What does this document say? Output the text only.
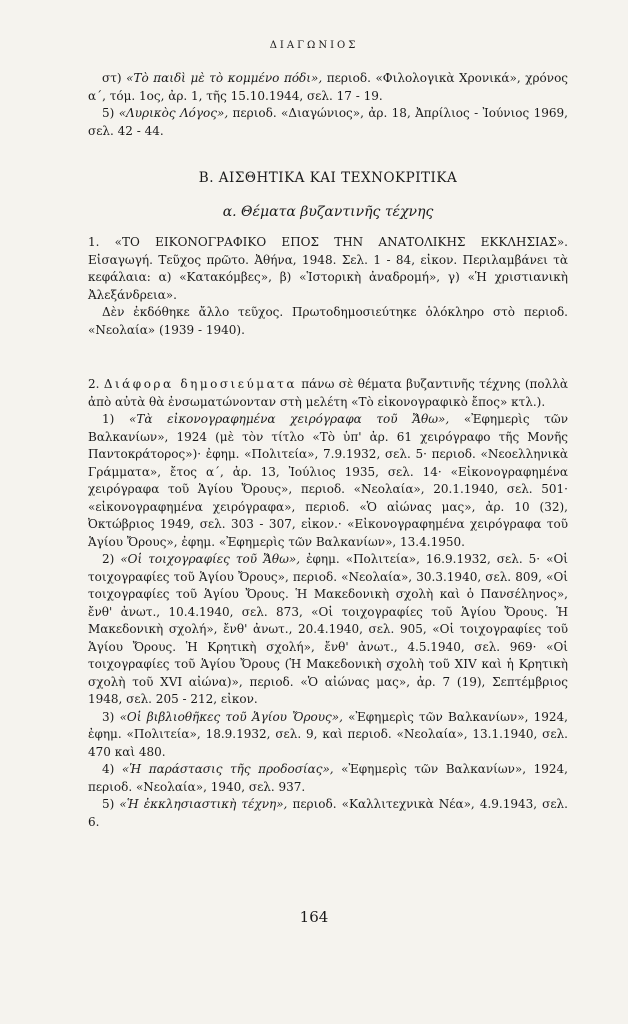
ΔΙΑΓΩΝΙΟΣ

στ) «Τὸ παιδὶ μὲ τὸ κομμένο πόδι», περιοδ. «Φιλολογικὰ Χρονικά», χρόνος α΄, τόμ. 1ος, ἀρ. 1, τῆς 15.10.1944, σελ. 17 - 19.

5) «Λυρικὸς Λόγος», περιοδ. «Διαγώνιος», ἀρ. 18, Ἀπρίλιος - Ἰούνιος 1969, σελ. 42 - 44.

Β. ΑΙΣΘΗΤΙΚΑ ΚΑΙ ΤΕΧΝΟΚΡΙΤΙΚΑ
α. Θέματα βυζαντινῆς τέχνης

1. «ΤΟ ΕΙΚΟΝΟΓΡΑΦΙΚΟ ΕΠΟΣ ΤΗΝ ΑΝΑΤΟΛΙΚΗΣ ΕΚΚΛΗΣΙΑΣ». Εἰσαγωγή. Τεῦχος πρῶτο. Ἀθήνα, 1948. Σελ. 1 - 84, εἰκον. Περιλαμβάνει τὰ κεφάλαια: α) «Κατακόμβες», β) «Ἱστορικὴ ἀναδρομή», γ) «Ἡ χριστιανικὴ Ἀλεξάνδρεια».

Δὲν ἐκδόθηκε ἄλλο τεῦχος. Πρωτοδημοσιεύτηκε ὁλόκληρο στὸ περιοδ. «Νεολαία» (1939 - 1940).

2. Διάφορα δημοσιεύματα πάνω σὲ θέματα βυζαντινῆς τέχνης (πολλὰ ἀπὸ αὐτὰ θὰ ἐνσωματώνονταν στὴ μελέτη «Τὸ εἰκονογραφικὸ ἔπος» κτλ.).

1) «Τὰ εἰκονογραφημένα χειρόγραφα τοῦ Ἄθω», «Ἐφημερὶς τῶν Βαλκανίων», 1924 (μὲ τὸν τίτλο «Τὸ ὑπ' ἀρ. 61 χειρόγραφο τῆς Μονῆς Παντοκράτορος»)· ἐφημ. «Πολιτεία», 7.9.1932, σελ. 5· περιοδ. «Νεοελληνικὰ Γράμματα», ἔτος α΄, ἀρ. 13, Ἰούλιος 1935, σελ. 14· «Εἰκονογραφημένα χειρόγραφα τοῦ Ἁγίου Ὄρους», περιοδ. «Νεολαία», 20.1.1940, σελ. 501· «εἰκονογραφημένα χειρόγραφα», περιοδ. «Ὁ αἰώνας μας», ἀρ. 10 (32), Ὀκτώβριος 1949, σελ. 303 - 307, εἰκον.· «Εἰκονογραφημένα χειρόγραφα τοῦ Ἁγίου Ὄρους», ἐφημ. «Ἐφημερὶς τῶν Βαλκανίων», 13.4.1950.

2) «Οἱ τοιχογραφίες τοῦ Ἄθω», ἐφημ. «Πολιτεία», 16.9.1932, σελ. 5· «Οἱ τοιχογραφίες τοῦ Ἁγίου Ὄρους», περιοδ. «Νεολαία», 30.3.1940, σελ. 809, «Οἱ τοιχογραφίες τοῦ Ἁγίου Ὄρους. Ἡ Μακεδονικὴ σχολὴ καὶ ὁ Πανσέληνος», ἔνθ' ἀνωτ., 10.4.1940, σελ. 873, «Οἱ τοιχογραφίες τοῦ Ἁγίου Ὄρους. Ἡ Μακεδονικὴ σχολή», ἔνθ' ἀνωτ., 20.4.1940, σελ. 905, «Οἱ τοιχογραφίες τοῦ Ἁγίου Ὄρους. Ἡ Κρητικὴ σχολή», ἔνθ' ἀνωτ., 4.5.1940, σελ. 969· «Οἱ τοιχογραφίες τοῦ Ἁγίου Ὄρους (Ἡ Μακεδονικὴ σχολὴ τοῦ XIV καὶ ἡ Κρητικὴ σχολὴ τοῦ XVI αἰώνα)», περιοδ. «Ὁ αἰώνας μας», ἀρ. 7 (19), Σεπτέμβριος 1948, σελ. 205 - 212, εἰκον.

3) «Οἱ βιβλιοθῆκες τοῦ Ἁγίου Ὄρους», «Ἐφημερὶς τῶν Βαλκανίων», 1924, ἐφημ. «Πολιτεία», 18.9.1932, σελ. 9, καὶ περιοδ. «Νεολαία», 13.1.1940, σελ. 470 καὶ 480.

4) «Ἡ παράστασις τῆς προδοσίας», «Ἐφημερὶς τῶν Βαλκανίων», 1924, περιοδ. «Νεολαία», 1940, σελ. 937.

5) «Ἡ ἐκκλησιαστικὴ τέχνη», περιοδ. «Καλλιτεχνικὰ Νέα», 4.9.1943, σελ. 6.

164
